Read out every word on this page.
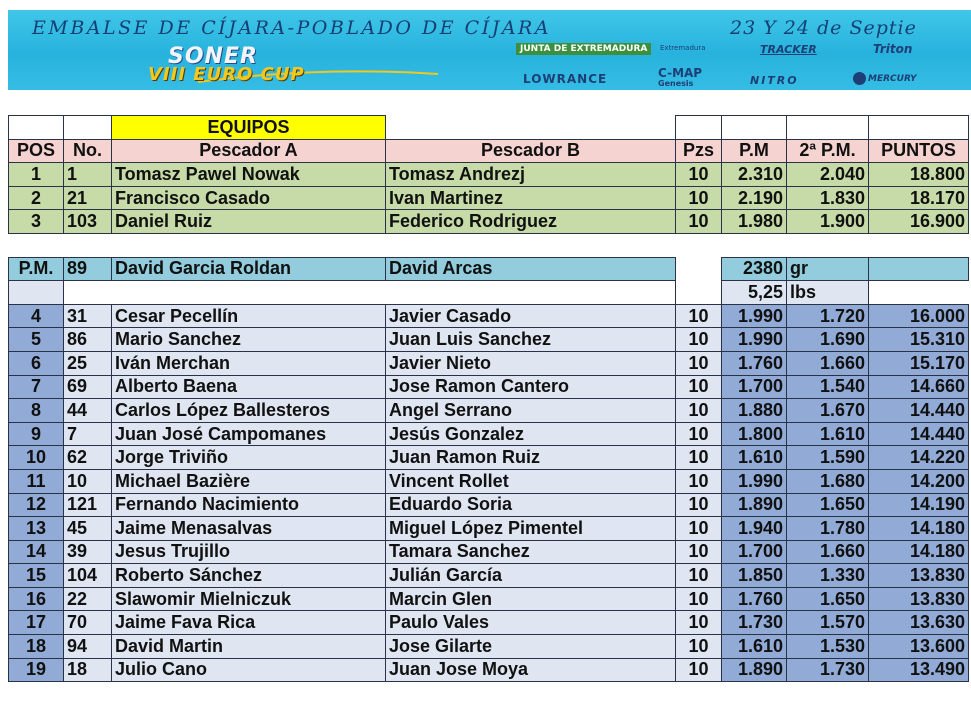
EMBALSE DE CÍJARA-POBLADO DE CÍJARA	23 Y 24 de Septie
SONER
VIII EURO CUP
JUNTA DE EXTREMADURA	Extremadura	TRACKER	Triton
LOWRANCE	C-MAP
Genesis	NITRO	MERCURY
		EQUIPOS					
POS	No.	Pescador A	Pescador B	Pzs	P.M	2ª P.M.	PUNTOS
1	1	Tomasz Pawel Nowak	Tomasz Andrezj	10	2.310	2.040	18.800
2	21	Francisco Casado	Ivan Martinez	10	2.190	1.830	18.170
3	103	Daniel Ruiz	Federico Rodriguez	10	1.980	1.900	16.900

P.M.	89	David Garcia Roldan	David Arcas		2380	gr	
					5,25	lbs	
4	31	Cesar Pecellín	Javier Casado	10	1.990	1.720	16.000
5	86	Mario Sanchez	Juan Luis Sanchez	10	1.990	1.690	15.310
6	25	Iván Merchan	Javier Nieto	10	1.760	1.660	15.170
7	69	Alberto Baena	Jose Ramon Cantero	10	1.700	1.540	14.660
8	44	Carlos López Ballesteros	Angel Serrano	10	1.880	1.670	14.440
9	7	Juan José Campomanes	Jesús Gonzalez	10	1.800	1.610	14.440
10	62	Jorge Triviño	Juan Ramon Ruiz	10	1.610	1.590	14.220
11	10	Michael Bazière	Vincent Rollet	10	1.990	1.680	14.200
12	121	Fernando Nacimiento	Eduardo Soria	10	1.890	1.650	14.190
13	45	Jaime Menasalvas	Miguel López Pimentel	10	1.940	1.780	14.180
14	39	Jesus Trujillo	Tamara Sanchez	10	1.700	1.660	14.180
15	104	Roberto Sánchez	Julián García	10	1.850	1.330	13.830
16	22	Slawomir Mielniczuk	Marcin Glen	10	1.760	1.650	13.830
17	70	Jaime Fava Rica	Paulo Vales	10	1.730	1.570	13.630
18	94	David Martin	Jose Gilarte	10	1.610	1.530	13.600
19	18	Julio Cano	Juan Jose Moya	10	1.890	1.730	13.490
